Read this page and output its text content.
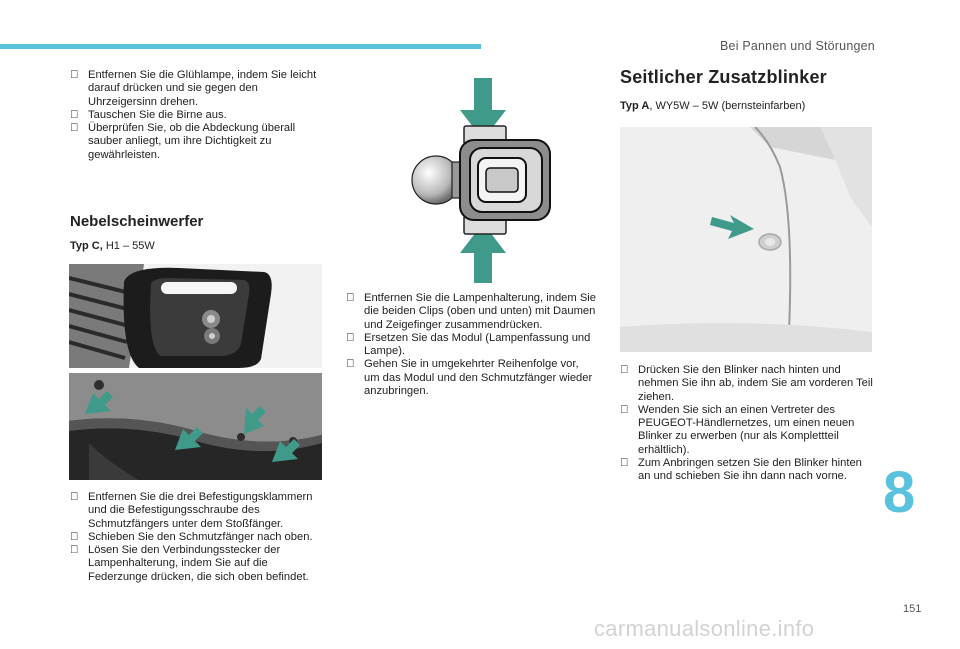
Bei Pannen und Störungen
Entfernen Sie die Glühlampe, indem Sie leicht darauf drücken und sie gegen den Uhrzeigersinn drehen.
Tauschen Sie die Birne aus.
Überprüfen Sie, ob die Abdeckung überall sauber anliegt, um ihre Dichtigkeit zu gewährleisten.
Nebelscheinwerfer
Typ C, H1 – 55W
Entfernen Sie die drei Befestigungsklammern und die Befestigungsschraube des Schmutzfängers unter dem Stoßfänger.
Schieben Sie den Schmutzfänger nach oben.
Lösen Sie den Verbindungsstecker der Lampenhalterung, indem Sie auf die Federzunge drücken, die sich oben befindet.
Entfernen Sie die Lampenhalterung, indem Sie die beiden Clips (oben und unten) mit Daumen und Zeigefinger zusammendrücken.
Ersetzen Sie das Modul (Lampenfassung und Lampe).
Gehen Sie in umgekehrter Reihenfolge vor, um das Modul und den Schmutzfänger wieder anzubringen.
Seitlicher Zusatzblinker
Typ A, WY5W – 5W (bernsteinfarben)
Drücken Sie den Blinker nach hinten und nehmen Sie ihn ab, indem Sie am vorderen Teil ziehen.
Wenden Sie sich an einen Vertreter des PEUGEOT-Händlernetzes, um einen neuen Blinker zu erwerben (nur als Komplettteil erhältlich).
Zum Anbringen setzen Sie den Blinker hinten an und schieben Sie ihn dann nach vorne. 8
151
carmanualsonline.info
